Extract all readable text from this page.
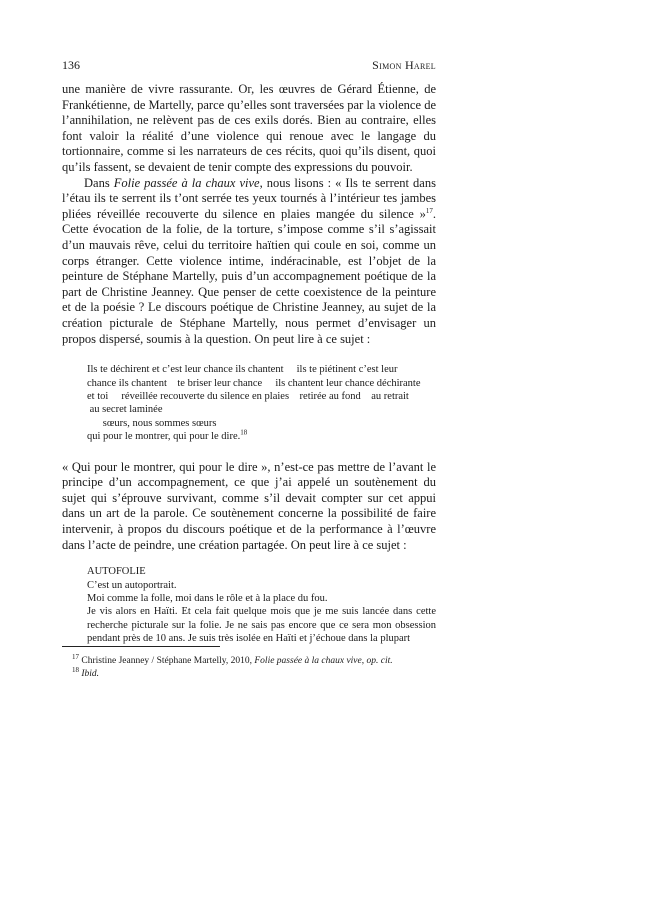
136	Simon Harel

une manière de vivre rassurante. Or, les œuvres de Gérard Étienne, de Frankétienne, de Martelly, parce qu’elles sont traversées par la violence de l’annihilation, ne relèvent pas de ces exils dorés. Bien au contraire, elles font valoir la réalité d’une violence qui renoue avec le langage du tortionnaire, comme si les narrateurs de ces récits, quoi qu’ils disent, quoi qu’ils fassent, se devaient de tenir compte des expressions du pouvoir.

Dans Folie passée à la chaux vive, nous lisons : « Ils te serrent dans l’étau ils te serrent ils t’ont serrée tes yeux tournés à l’intérieur tes jambes pliées réveillée recouverte du silence en plaies mangée du silence »$^{17}$. Cette évocation de la folie, de la torture, s’impose comme s’il s’agissait d’un mauvais rêve, celui du territoire haïtien qui coule en soi, comme un corps étranger. Cette violence intime, indéracinable, est l’objet de la peinture de Stéphane Martelly, puis d’un accompagnement poétique de la part de Christine Jeanney. Que penser de cette coexistence de la peinture et de la poésie ? Le discours poétique de Christine Jeanney, au sujet de la création picturale de Stéphane Martelly, nous permet d’envisager un propos dispersé, soumis à la question. On peut lire à ce sujet :

Ils te déchirent et c’est leur chance ils chantent     ils te piétinent c’est leur
chance ils chantent    te briser leur chance     ils chantent leur chance déchirante
et toi     réveillée recouverte du silence en plaies    retirée au fond    au retrait
au secret laminée
sœurs, nous sommes sœurs
qui pour le montrer, qui pour le dire.$^{18}$

« Qui pour le montrer, qui pour le dire », n’est-ce pas mettre de l’avant le principe d’un accompagnement, ce que j’ai appelé un soutènement du sujet qui s’éprouve survivant, comme s’il devait compter sur cet appui dans un art de la parole. Ce soutènement concerne la possibilité de faire intervenir, à propos du discours poétique et de la performance à l’œuvre dans l’acte de peindre, une création partagée. On peut lire à ce sujet :

AUTOFOLIE
C’est un autoportrait.
Moi comme la folle, moi dans le rôle et à la place du fou.
Je vis alors en Haïti. Et cela fait quelque mois que je me suis lancée dans cette recherche picturale sur la folie. Je ne sais pas encore que ce sera mon obsession pendant près de 10 ans. Je suis très isolée en Haïti et j’échoue dans la plupart
$^{17}$ Christine Jeanney / Stéphane Martelly, 2010, Folie passée à la chaux vive, op. cit.
$^{18}$ Ibid.
